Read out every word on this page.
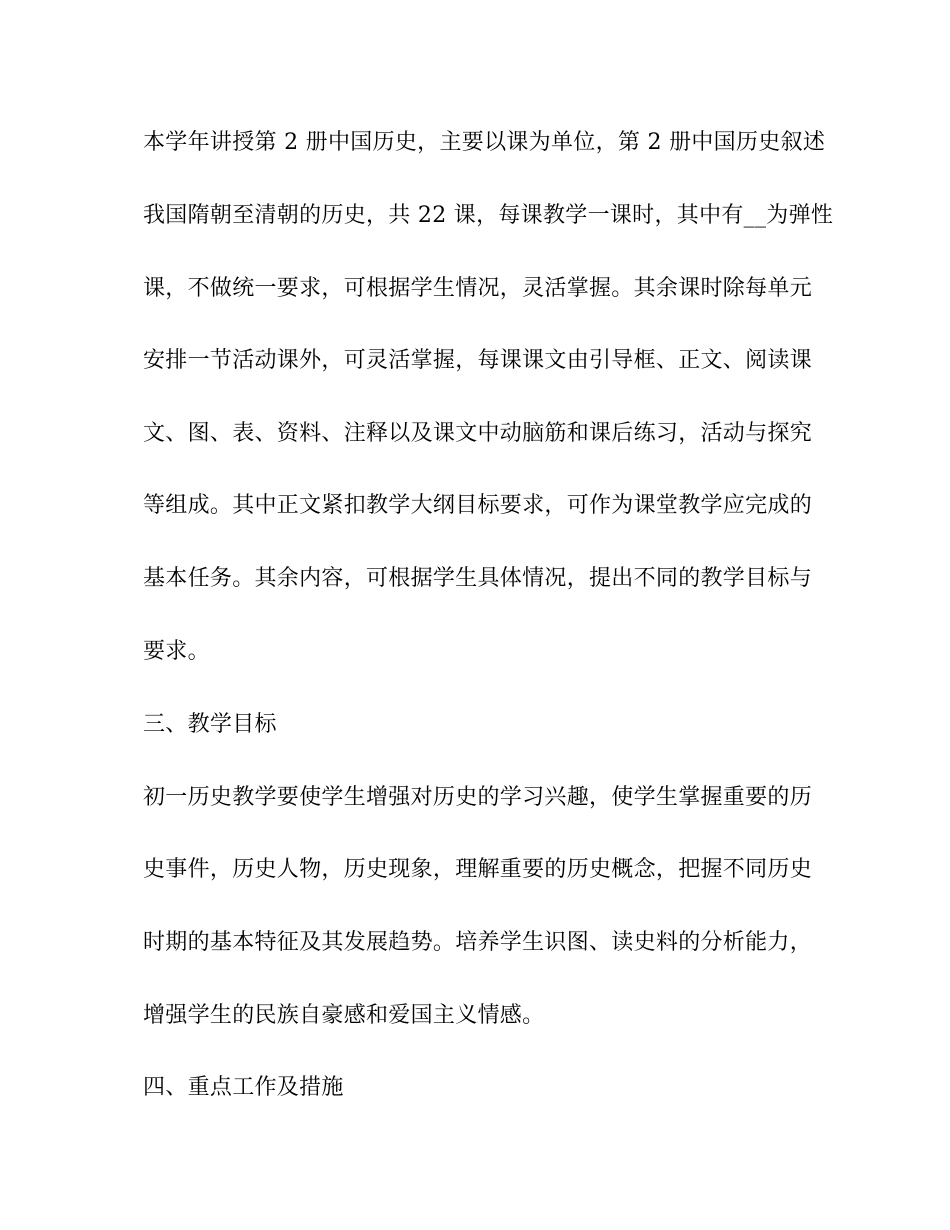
本学年讲授第 2 册中国历史，主要以课为单位，第 2 册中国历史叙述
我国隋朝至清朝的历史，共 22 课，每课教学一课时，其中有__为弹性
课，不做统一要求，可根据学生情况，灵活掌握。其余课时除每单元
安排一节活动课外，可灵活掌握，每课课文由引导框、正文、阅读课
文、图、表、资料、注释以及课文中动脑筋和课后练习，活动与探究
等组成。其中正文紧扣教学大纲目标要求，可作为课堂教学应完成的
基本任务。其余内容，可根据学生具体情况，提出不同的教学目标与
要求。
三、教学目标
初一历史教学要使学生增强对历史的学习兴趣，使学生掌握重要的历
史事件，历史人物，历史现象，理解重要的历史概念，把握不同历史
时期的基本特征及其发展趋势。培养学生识图、读史料的分析能力，
增强学生的民族自豪感和爱国主义情感。
四、重点工作及措施
